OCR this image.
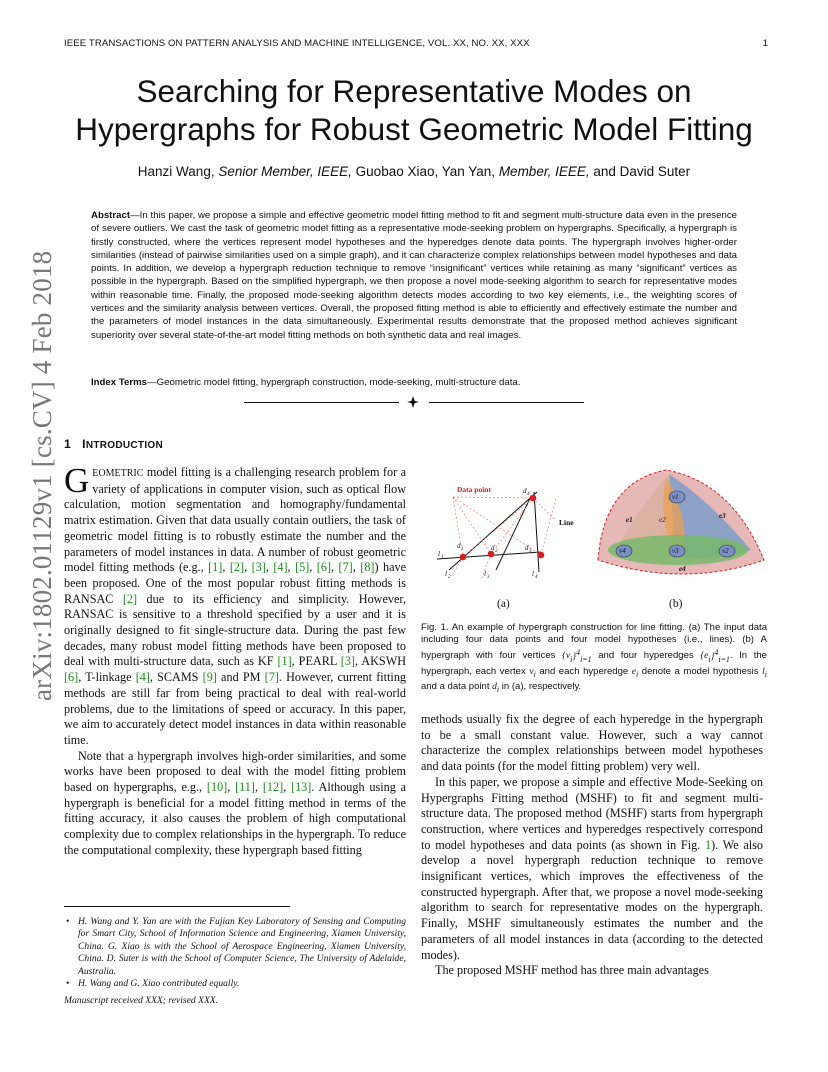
IEEE TRANSACTIONS ON PATTERN ANALYSIS AND MACHINE INTELLIGENCE, VOL. XX, NO. XX, XXX	1
Searching for Representative Modes on
Hypergraphs for Robust Geometric Model Fitting
Hanzi Wang, Senior Member, IEEE, Guobao Xiao, Yan Yan, Member, IEEE, and David Suter
Abstract—In this paper, we propose a simple and effective geometric model fitting method to fit and segment multi-structure data even in the presence of severe outliers. We cast the task of geometric model fitting as a representative mode-seeking problem on hypergraphs. Specifically, a hypergraph is firstly constructed, where the vertices represent model hypotheses and the hyperedges denote data points. The hypergraph involves higher-order similarities (instead of pairwise similarities used on a simple graph), and it can characterize complex relationships between model hypotheses and data points. In addition, we develop a hypergraph reduction technique to remove “insignificant” vertices while retaining as many “significant” vertices as possible in the hypergraph. Based on the simplified hypergraph, we then propose a novel mode-seeking algorithm to search for representative modes within reasonable time. Finally, the proposed mode-seeking algorithm detects modes according to two key elements, i.e., the weighting scores of vertices and the similarity analysis between vertices. Overall, the proposed fitting method is able to efficiently and effectively estimate the number and the parameters of model instances in the data simultaneously. Experimental results demonstrate that the proposed method achieves significant superiority over several state-of-the-art model fitting methods on both synthetic data and real images.
Index Terms—Geometric model fitting, hypergraph construction, mode-seeking, multi-structure data.
arXiv:1802.01129v1 [cs.CV] 4 Feb 2018 1 INTRODUCTION

GEOMETRIC model fitting is a challenging research problem for a variety of applications in computer vision, such as optical flow calculation, motion segmentation and homography/fundamental matrix estimation. Given that data usually contain outliers, the task of geometric model fitting is to robustly estimate the number and the parameters of model instances in data. A number of robust geometric model fitting methods (e.g., [1], [2], [3], [4], [5], [6], [7], [8]) have been proposed. One of the most popular robust fitting methods is RANSAC [2] due to its efficiency and simplicity. However, RANSAC is sensitive to a threshold specified by a user and it is originally designed to fit single-structure data. During the past few decades, many robust model fitting methods have been proposed to deal with multi-structure data, such as KF [1], PEARL [3], AKSWH [6], T-linkage [4], SCAMS [9] and PM [7]. However, current fitting methods are still far from being practical to deal with real-world problems, due to the limitations of speed or accuracy. In this paper, we aim to accurately detect model instances in data within reasonable time.

Note that a hypergraph involves high-order similarities, and some works have been proposed to deal with the model fitting problem based on hypergraphs, e.g., [10], [11], [12], [13]. Although using a hypergraph is beneficial for a model fitting method in terms of the fitting accuracy, it also causes the problem of high computational complexity due to complex relationships in the hypergraph. To reduce the computational complexity, these hypergraph based fitting

• H. Wang and Y. Yan are with the Fujian Key Laboratory of Sensing and Computing for Smart City, School of Information Science and Engineering, Xiamen University, China. G. Xiao is with the School of Aerospace Engineering, Xiamen University, China. D. Suter is with the School of Computer Science, The University of Adelaide, Australia.
• H. Wang and G. Xiao contributed equally.
Manuscript received XXX; revised XXX.
Data point
Line
d 1	d 2	d 3
d 4
l 1
l 2	l 3	l 4
v1
v2
v3
v4
e1	e2	e3
e4
(a)	(b)
Fig. 1. An example of hypergraph construction for line fitting. (a) The input data including four data points and four model hypotheses (i.e., lines). (b) A hypergraph with four vertices $\{v_i\}^4_{i=1}$ and four hyperedges $\{e_i\}^4_{i=1}$. In the hypergraph, each vertex $v_i$ and each hyperedge $e_i$ denote a model hypothesis $l_i$ and a data point $d_i$ in (a), respectively.

methods usually fix the degree of each hyperedge in the hypergraph to be a small constant value. However, such a way cannot characterize the complex relationships between model hypotheses and data points (for the model fitting problem) very well.

In this paper, we propose a simple and effective Mode-Seeking on Hypergraphs Fitting method (MSHF) to fit and segment multi-structure data. The proposed method (MSHF) starts from hypergraph construction, where vertices and hyperedges respectively correspond to model hypotheses and data points (as shown in Fig. 1). We also develop a novel hypergraph reduction technique to remove insignificant vertices, which improves the effectiveness of the constructed hypergraph. After that, we propose a novel mode-seeking algorithm to search for representative modes on the hypergraph. Finally, MSHF simultaneously estimates the number and the parameters of all model instances in data (according to the detected modes).

The proposed MSHF method has three main advantages
